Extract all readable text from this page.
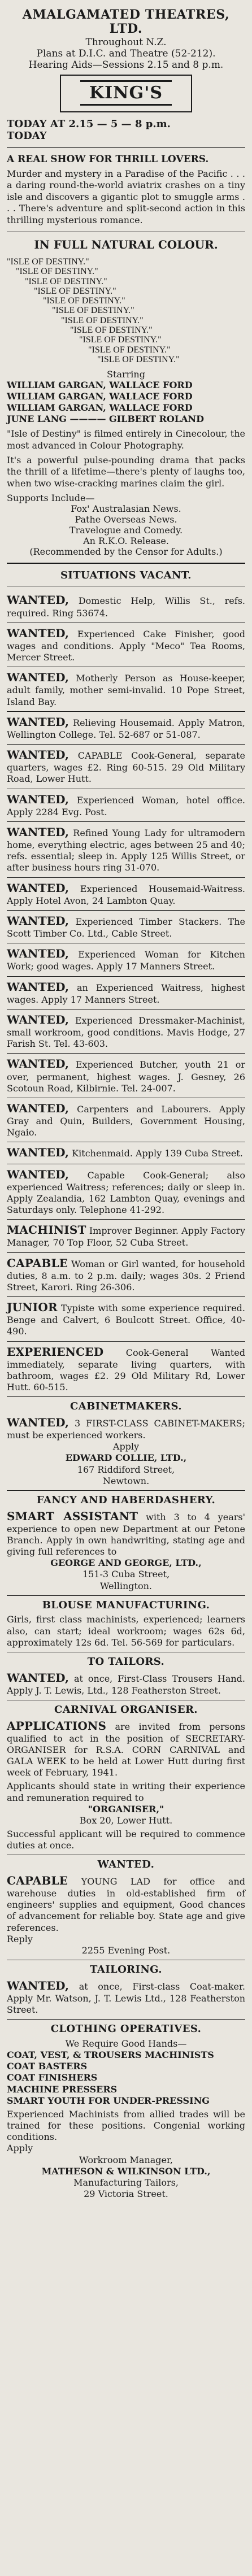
AMALGAMATED THEATRES,
LTD.
Throughout N.Z.
Plans at D.I.C. and Theatre (52-212).
Hearing Aids—Sessions 2.15 and 8 p.m.
KING'S
TODAY AT 2.15 — 5 — 8 p.m.
TODAY
A REAL SHOW FOR THRILL LOVERS.
Murder and mystery in a Paradise of the Pacific . . . a daring round-the-world aviatrix crashes on a tiny isle and discovers a gigantic plot to smuggle arms . . . There's adventure and split-second action in this thrilling mysterious romance.
IN FULL NATURAL COLOUR.
"ISLE OF DESTINY."
"ISLE OF DESTINY."
"ISLE OF DESTINY."
"ISLE OF DESTINY."
"ISLE OF DESTINY."
"ISLE OF DESTINY."
"ISLE OF DESTINY."
"ISLE OF DESTINY."
"ISLE OF DESTINY."
"ISLE OF DESTINY."
"ISLE OF DESTINY."
Starring
WILLIAM GARGAN, WALLACE FORD
WILLIAM GARGAN, WALLACE FORD
WILLIAM GARGAN, WALLACE FORD
JUNE LANG ———— GILBERT ROLAND
"Isle of Destiny" is filmed entirely in Cinecolour, the most advanced in Colour Photography.
It's a powerful pulse-pounding drama that packs the thrill of a lifetime—there's plenty of laughs too, when two wise-cracking marines claim the girl.
Supports Include—
Fox' Australasian News.
Pathe Overseas News.
Travelogue and Comedy.
An R.K.O. Release.
(Recommended by the Censor for Adults.)
SITUATIONS VACANT.
WANTED, Domestic Help, Willis St., refs. required. Ring 53674.
WANTED, Experienced Cake Finisher, good wages and conditions. Apply "Meco" Tea Rooms, Mercer Street.
WANTED, Motherly Person as House-keeper, adult family, mother semi-invalid. 10 Pope Street, Island Bay.
WANTED, Relieving Housemaid. Apply Matron, Wellington College. Tel. 52-687 or 51-087.
WANTED, CAPABLE Cook-General, separate quarters, wages £2. Ring 60-515. 29 Old Military Road, Lower Hutt.
WANTED, Experienced Woman, hotel office. Apply 2284 Evg. Post.
WANTED, Refined Young Lady for ultramodern home, everything electric, ages between 25 and 40; refs. essential; sleep in. Apply 125 Willis Street, or after business hours ring 31-070.
WANTED, Experienced Housemaid-Waitress. Apply Hotel Avon, 24 Lambton Quay.
WANTED, Experienced Timber Stackers. The Scott Timber Co. Ltd., Cable Street.
WANTED, Experienced Woman for Kitchen Work; good wages. Apply 17 Manners Street.
WANTED, an Experienced Waitress, highest wages. Apply 17 Manners Street.
WANTED, Experienced Dressmaker-Machinist, small workroom, good conditions. Mavis Hodge, 27 Farish St. Tel. 43-603.
WANTED, Experienced Butcher, youth 21 or over, permanent, highest wages. J. Gesney, 26 Scotoun Road, Kilbirnie. Tel. 24-007.
WANTED, Carpenters and Labourers. Apply Gray and Quin, Builders, Government Housing, Ngaio.
WANTED, Kitchenmaid. Apply 139 Cuba Street.
WANTED, Capable Cook-General; also experienced Waitress; references; daily or sleep in. Apply Zealandia, 162 Lambton Quay, evenings and Saturdays only. Telephone 41-292.
MACHINIST Improver Beginner. Apply Factory Manager, 70 Top Floor, 52 Cuba Street.
CAPABLE Woman or Girl wanted, for household duties, 8 a.m. to 2 p.m. daily; wages 30s. 2 Friend Street, Karori. Ring 26-306.
JUNIOR Typiste with some experience required. Benge and Calvert, 6 Boulcott Street. Office, 40-490.
EXPERIENCED Cook-General Wanted immediately, separate living quarters, with bathroom, wages £2. 29 Old Military Rd, Lower Hutt. 60-515.
CABINETMAKERS.
WANTED, 3 FIRST-CLASS CABINET-MAKERS; must be experienced workers.
Apply
EDWARD COLLIE, LTD.,
167 Riddiford Street,
Newtown.
FANCY AND HABERDASHERY.
SMART ASSISTANT with 3 to 4 years' experience to open new Department at our Petone Branch. Apply in own handwriting, stating age and giving full references to
GEORGE AND GEORGE, LTD.,
151-3 Cuba Street,
Wellington.
BLOUSE MANUFACTURING.
Girls, first class machinists, experienced; learners also, can start; ideal workroom; wages 62s 6d, approximately 12s 6d. Tel. 56-569 for particulars.
TO TAILORS.
WANTED, at once, First-Class Trousers Hand. Apply J. T. Lewis, Ltd., 128 Featherston Street.
CARNIVAL ORGANISER.
APPLICATIONS are invited from persons qualified to act in the position of SECRETARY-ORGANISER for R.S.A. CORN CARNIVAL and GALA WEEK to be held at Lower Hutt during first week of February, 1941.
Applicants should state in writing their experience and remuneration required to
"ORGANISER,"
Box 20, Lower Hutt.
Successful applicant will be required to commence duties at once.
WANTED.
CAPABLE YOUNG LAD for office and warehouse duties in old-established firm of engineers' supplies and equipment, Good chances of advancement for reliable boy. State age and give references.
Reply
2255 Evening Post.
TAILORING.
WANTED, at once, First-class Coat-maker. Apply Mr. Watson, J. T. Lewis Ltd., 128 Featherston Street.
CLOTHING OPERATIVES.
We Require Good Hands—
COAT, VEST, & TROUSERS MACHINISTS
COAT BASTERS
COAT FINISHERS
MACHINE PRESSERS
SMART YOUTH FOR UNDER-PRESSING
Experienced Machinists from allied trades will be trained for these positions. Congenial working conditions.
Apply
Workroom Manager,
MATHESON & WILKINSON LTD.,
Manufacturing Tailors,
29 Victoria Street.
